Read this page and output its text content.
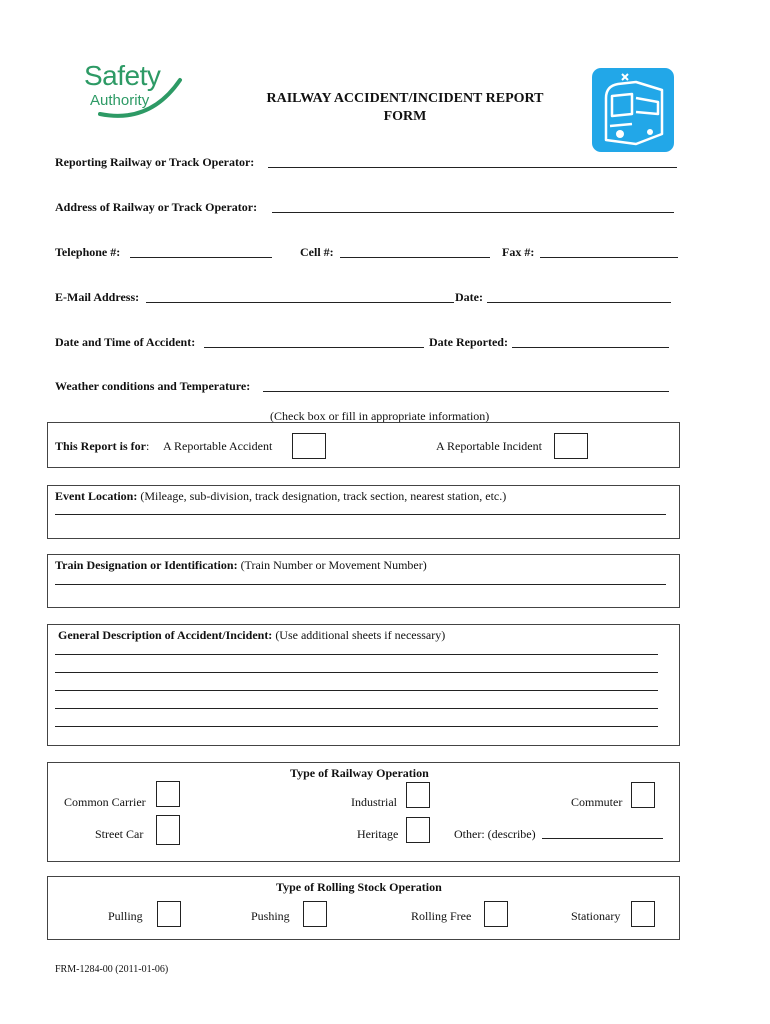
Safety
Authority	RAILWAY ACCIDENT/INCIDENT REPORT
FORM
Reporting Railway or Track Operator:
Address of Railway or Track Operator:
Telephone #:	Cell #:	Fax #:
E-Mail Address:	Date:
Date and Time of Accident:	Date Reported:
Weather conditions and Temperature:
(Check box or fill in appropriate information)
This Report is for: A Reportable Accident	A Reportable Incident
Event Location: (Mileage, sub-division, track designation, track section, nearest station, etc.)
Train Designation or Identification: (Train Number or Movement Number)
General Description of Accident/Incident: (Use additional sheets if necessary)
Type of Railway Operation
Common Carrier	Industrial	Commuter
Street Car	Heritage	Other: (describe)
Type of Rolling Stock Operation
Pulling	Pushing	Rolling Free	Stationary
FRM-1284-00 (2011-01-06)
